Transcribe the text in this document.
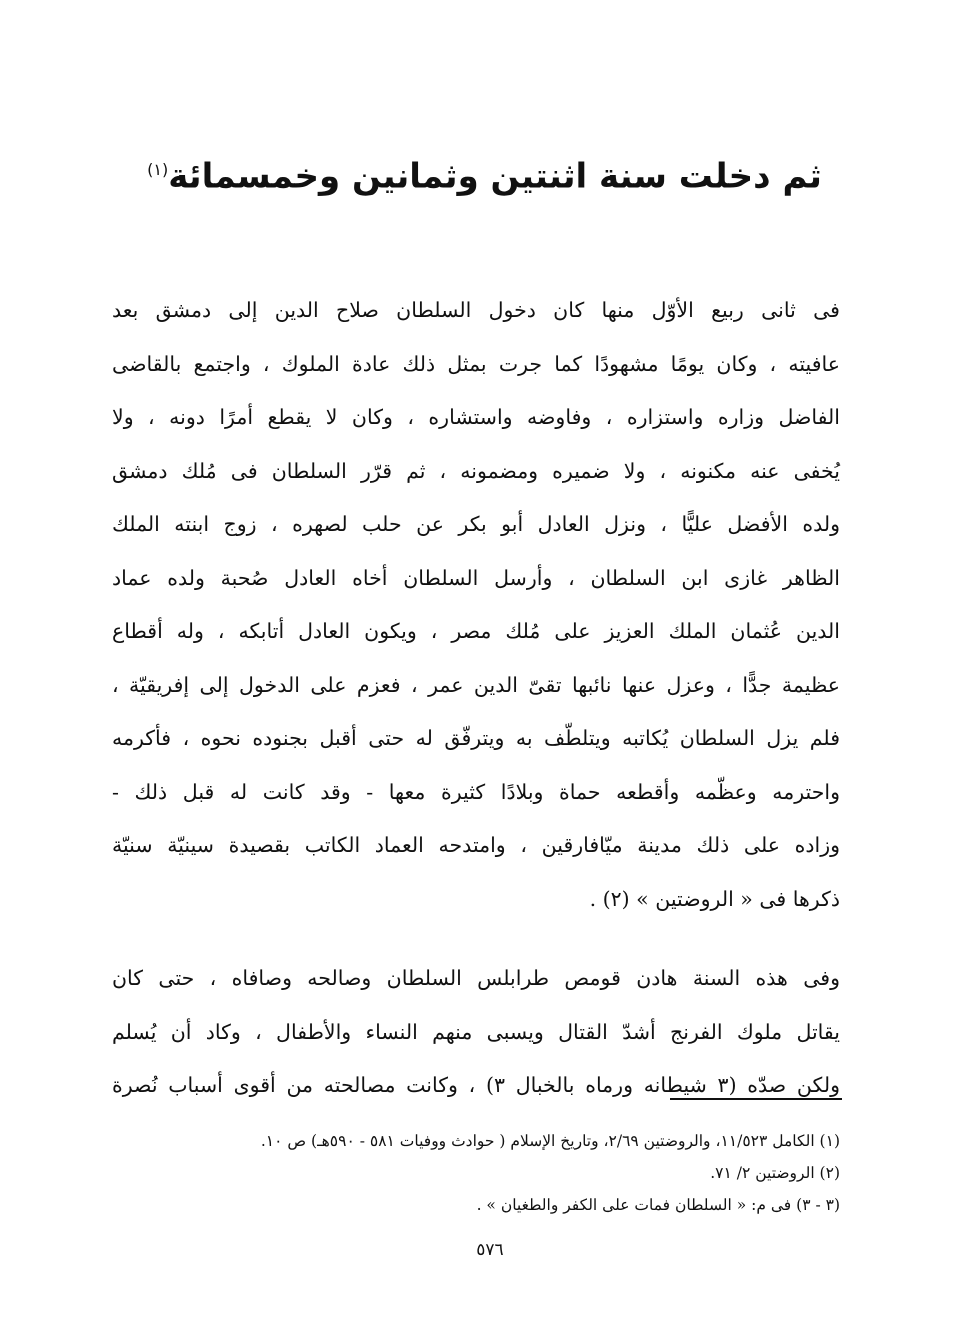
ثم دخلت سنة اثنتين وثمانين وخمسمائة$^{(١)}$
فى ثانى ربيع الأوّل منها كان دخول السلطان صلاح الدين إلى دمشق بعد
عافيته ، وكان يومًا مشهودًا كما جرت بمثل ذلك عادة الملوك ، واجتمع بالقاضى
الفاضل وزاره واستزاره ، وفاوضه واستشاره ، وكان لا يقطع أمرًا دونه ، ولا
يُخفى عنه مكنونه ، ولا ضميره ومضمونه ، ثم قرّر السلطان فى مُلك دمشق
ولده الأفضل عليًّا ، ونزل العادل أبو بكر عن حلب لصهره ، زوج ابنته الملك
الظاهر غازى ابن السلطان ، وأرسل السلطان أخاه العادل صُحبة ولده عماد
الدين عُثمان الملك العزيز على مُلك مصر ، ويكون العادل أتابكه ، وله أقطاع
عظيمة جدًّا ، وعزل عنها نائبها تقىّ الدين عمر ، فعزم على الدخول إلى إفريقيّة ،
فلم يزل السلطان يُكاتبه ويتلطّف به ويترفّق له حتى أقبل بجنوده نحوه ، فأكرمه
واحترمه وعظّمه وأقطعه حماة وبلادًا كثيرة معها - وقد كانت له قبل ذلك -
وزاده على ذلك مدينة ميّافارقين ، وامتدحه العماد الكاتب بقصيدة سينيّة سنيّة
ذكرها فى « الروضتين » (٢) .
وفى هذه السنة هادن قومص طرابلس السلطان وصالحه وصافاه ، حتى كان
يقاتل ملوك الفرنج أشدّ القتال ويسبى منهم النساء والأطفال ، وكاد أن يُسلم
ولكن صدّه (٣ شيطانه ورماه بالخبال ٣) ، وكانت مصالحته من أقوى أسباب نُصرة
(١) الكامل ١١/٥٢٣، والروضتين ٢/٦٩، وتاريخ الإسلام ( حوادث ووفيات ٥٨١ - ٥٩٠هـ) ص ١٠.
(٢) الروضتين ٢/ ٧١.
(٣ - ٣) فى م: « السلطان فمات على الكفر والطغيان » .
٥٧٦
